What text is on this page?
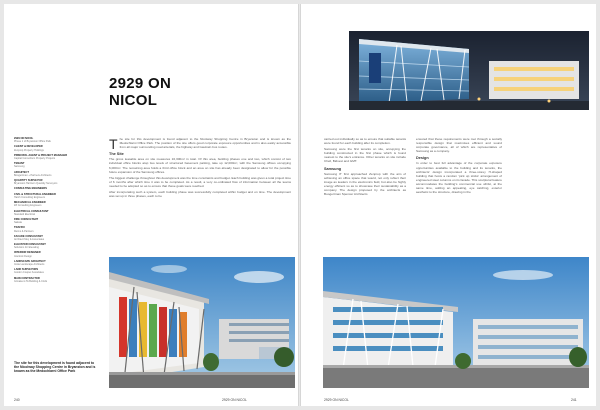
2929 ON
NICOL
2929 ON NICOL
Phase 1 of Bryanston Office Park
CLIENT & DEVELOPER
Zenprop Property Holdings
PRINCIPAL AGENT & PROJECT MANAGER
Capital Consortium Property Projects
TENANT
Samsung
ARCHITECT
Boogertman + Partners Architects
QUANTITY SURVEYOR
Bryanston Harrison Quantity Surveyors
CONSULTING ENGINEERS
CIVIL & STRUCTURAL ENGINEER
Hatch Consulting Engineers
MECHANICAL ENGINEER
ZZ Consulting Engineers
ELECTRICAL CONSULTANT
Standard Electrical
FIRE CONSULTANT
Sakata
TRAFFIC
Reims & Partners
FACADE CONSULTANT
Architect Mey & Associates
ELEVATOR CONSULTANT
Solutions for Elevating
INTERIOR DESIGNER
Interlock Design
LANDSCAPE ARCHITECT
Insite Landscape Architects
LAND SURVEYORS
Gordon Cooper Associates
MAIN CONTRACTOR
Grinaker-LTA Building & Civils
The site for this development is found adjacent to the Nicolway Shopping Centre in Bryanston and is known as the Medochlarni Office Park

The site for this development is found adjacent to the Nicolway Shopping Centre in Bryanston and is known as the Medochlarni Office Park. The position of the site offers good corporate exposure opportunities and is also easily accessible from all major surrounding road arterials, the highway and Gautrain bus routes.

The Site

The gross leasable area on site measures 16,300m² in total. Of this area, building phases one and two, which consist of two individual office blocks atop two levels of structured basement parking, take up 12,000m², with the Samsung offices occupying 6,000m². The remaining area holds a third office block and an area on site has already been designated to allow for the possible future expansion of the Samsung offices.

The biggest challenge throughout this development was the time constraints and budget. Each building was given a total project time of 6 months after which time it was to be completed. As a result, a very co-ordinated flow of information between all the teams needed to be adopted so as to ensure that these goals were reached.

After incorporating such a system, each building phase was successfully completed within budget and on time. The development was set up in three phases, each to be

240	2929 ON NICOL

carried out individually so as to ensure that suitable tenants were found for each building after its completion.

Samsung were the first tenants on site, occupying the building constructed in the first phase which is found nearest to the site's entrance. Other tenants on site include Chell, Bidvest and GMT.

Samsung

Samsung IT first approached Zenprop with the aim of achieving an office space that would, not only reflect their image as leaders in the electronics field, but also be highly energy efficient so as to showcase their sustainability as a company. The design proposed by the architects as Boogertman Spencer Architects

ensured that these requirements were met through a socially responsible design that maximises efficient and sound corporate governance, all of which are representative of Samsung as a company.

Design

In order to best full advantage of the corporate exposure opportunities available to the building and its tenants, the architects' design incorporated a three-storey H-shaped building that hosts a random 'pick up sticks' arrangement of engineered steel columns on its facade. This sculptural feature accommodates the building's commercial use whilst, at the same time, adding an appealing, eye catching, exterior aesthetic to the structure, drawing in the

2929 ON NICOL	241
